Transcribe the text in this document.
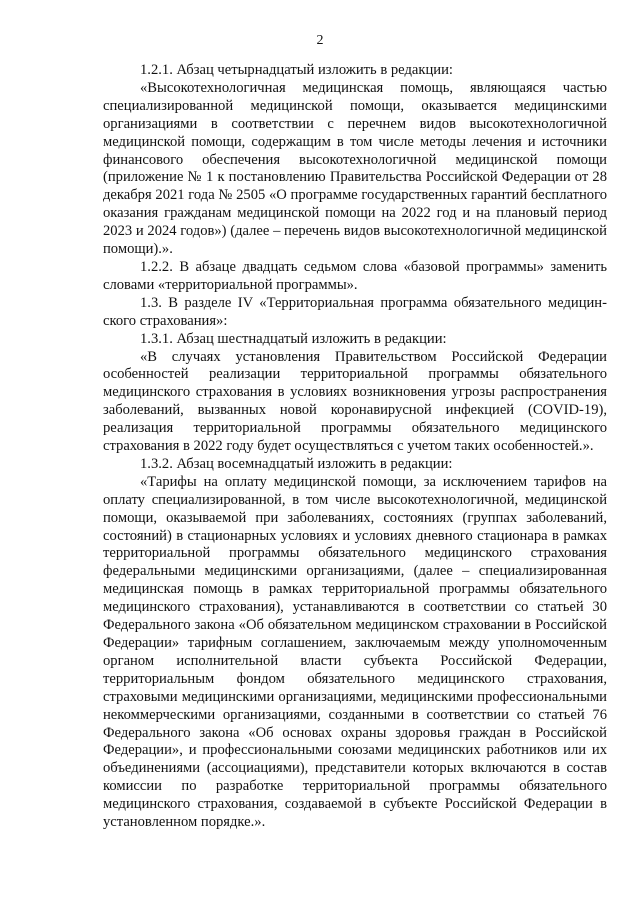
2

1.2.1. Абзац четырнадцатый изложить в редакции:

«Высокотехнологичная медицинская помощь, являющаяся частью специализированной медицинской помощи, оказывается медицинскими организациями в соответствии с перечнем видов высокотехнологичной медицинской помощи, содержащим в том числе методы лечения и источники финансового обеспечения высокотехнологичной медицинской помощи (приложение № 1 к постановлению Правительства Российской Федерации от 28 декабря 2021 года № 2505 «О программе государственных гарантий бесплатного оказания гражданам медицинской помощи на 2022 год и на плановый период 2023 и 2024 годов») (далее – перечень видов высокотехнологичной медицинской помощи).».

1.2.2. В абзаце двадцать седьмом слова «базовой программы» заменить словами «территориальной программы».

1.3. В разделе IV «Территориальная программа обязательного медицинского страхования»:

1.3.1. Абзац шестнадцатый изложить в редакции:

«В случаях установления Правительством Российской Федерации особенностей реализации территориальной программы обязательного медицинского страхования в условиях возникновения угрозы распространения заболеваний, вызванных новой коронавирусной инфекцией (COVID-19), реализация территориальной программы обязательного медицинского страхования в 2022 году будет осуществляться с учетом таких особенностей.».

1.3.2. Абзац восемнадцатый изложить в редакции:

«Тарифы на оплату медицинской помощи, за исключением тарифов на оплату специализированной, в том числе высокотехнологичной, медицинской помощи, оказываемой при заболеваниях, состояниях (группах заболеваний, состояний) в стационарных условиях и условиях дневного стационара в рамках территориальной программы обязательного медицинского страхования федеральными медицинскими организациями, (далее – специализированная медицинская помощь в рамках территориальной программы обязательного медицинского страхования), устанавливаются в соответствии со статьей 30 Федерального закона «Об обязательном медицинском страховании в Российской Федерации» тарифным соглашением, заключаемым между уполномоченным органом исполнительной власти субъекта Российской Федерации, территориальным фондом обязательного медицинского страхования, страховыми медицинскими организациями, медицинскими профессиональными некоммерческими организациями, созданными в соответствии со статьей 76 Федерального закона «Об основах охраны здоровья граждан в Российской Федерации», и профессиональными союзами медицинских работников или их объединениями (ассоциациями), представители которых включаются в состав комиссии по разработке территориальной программы обязательного медицинского страхования, создаваемой в субъекте Российской Федерации в установленном порядке.».
